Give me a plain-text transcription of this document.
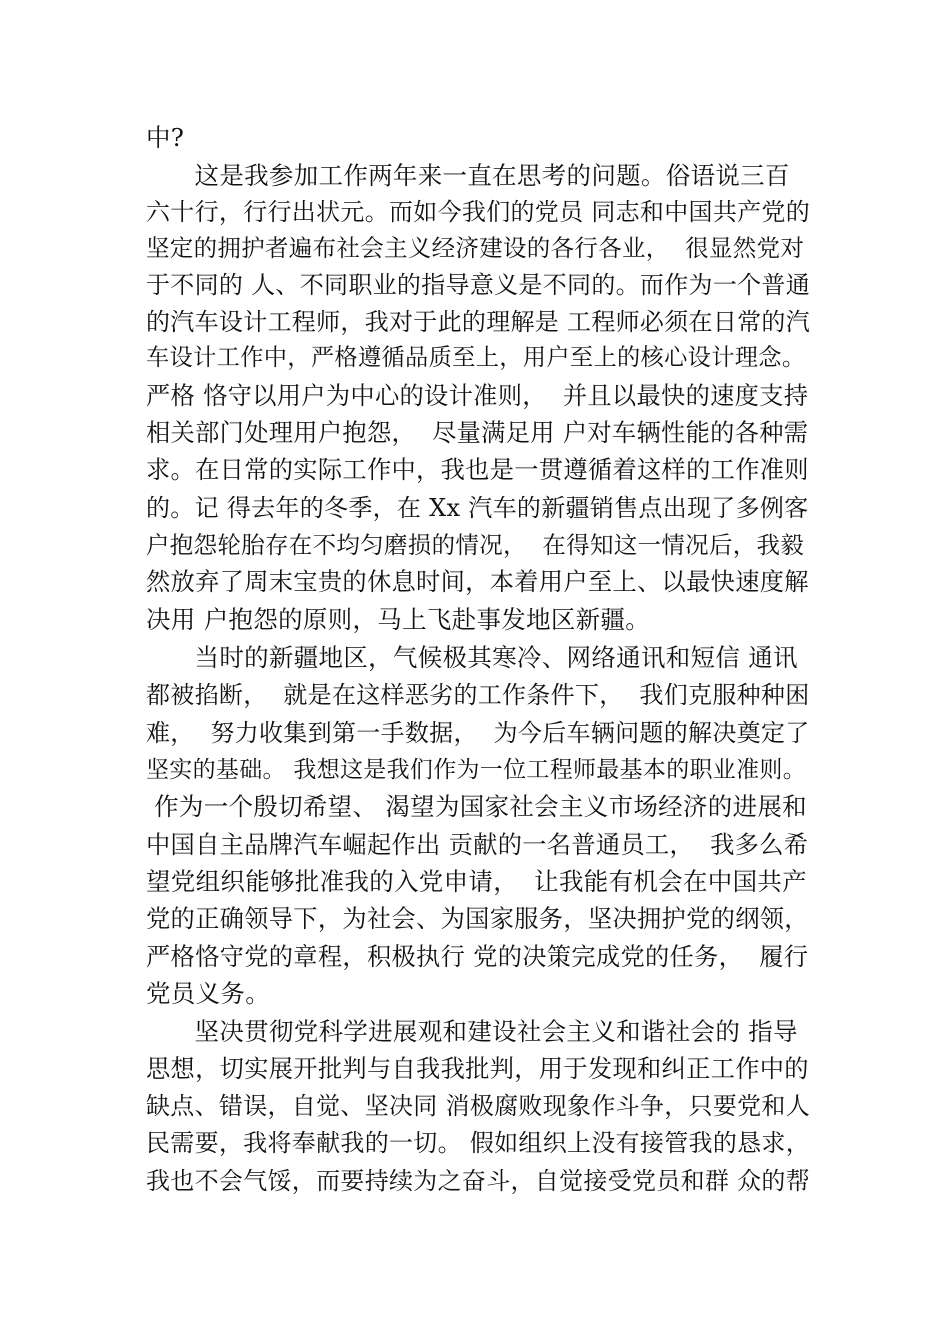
中?
这是我参加工作两年来一直在思考的问题。俗语说三百
六十行，行行出状元。而如今我们的党员 同志和中国共产党的
坚定的拥护者遍布社会主义经济建设的各行各业，  很显然党对
于不同的 人、不同职业的指导意义是不同的。而作为一个普通
的汽车设计工程师，我对于此的理解是 工程师必须在日常的汽
车设计工作中，严格遵循品质至上，用户至上的核心设计理念。
严格 恪守以用户为中心的设计准则，  并且以最快的速度支持
相关部门处理用户抱怨，  尽量满足用 户对车辆性能的各种需
求。在日常的实际工作中，我也是一贯遵循着这样的工作准则
的。记 得去年的冬季，在 Xx 汽车的新疆销售点出现了多例客
户抱怨轮胎存在不均匀磨损的情况，  在得知这一情况后，我毅
然放弃了周末宝贵的休息时间，本着用户至上、以最快速度解
决用 户抱怨的原则，马上飞赴事发地区新疆。
当时的新疆地区，气候极其寒冷、网络通讯和短信 通讯
都被掐断，  就是在这样恶劣的工作条件下，  我们克服种种困
难，  努力收集到第一手数据，  为今后车辆问题的解决奠定了
坚实的基础。 我想这是我们作为一位工程师最基本的职业准则。
作为一个殷切希望、 渴望为国家社会主义市场经济的进展和
中国自主品牌汽车崛起作出 贡献的一名普通员工，  我多么希
望党组织能够批准我的入党申请，  让我能有机会在中国共产
党的正确领导下，为社会、为国家服务，坚决拥护党的纲领，
严格恪守党的章程，积极执行 党的决策完成党的任务，  履行
党员义务。
坚决贯彻党科学进展观和建设社会主义和谐社会的 指导
思想，切实展开批判与自我我批判，用于发现和纠正工作中的
缺点、错误，自觉、坚决同 消极腐败现象作斗争，只要党和人
民需要，我将奉献我的一切。 假如组织上没有接管我的恳求，
我也不会气馁，而要持续为之奋斗，自觉接受党员和群 众的帮
